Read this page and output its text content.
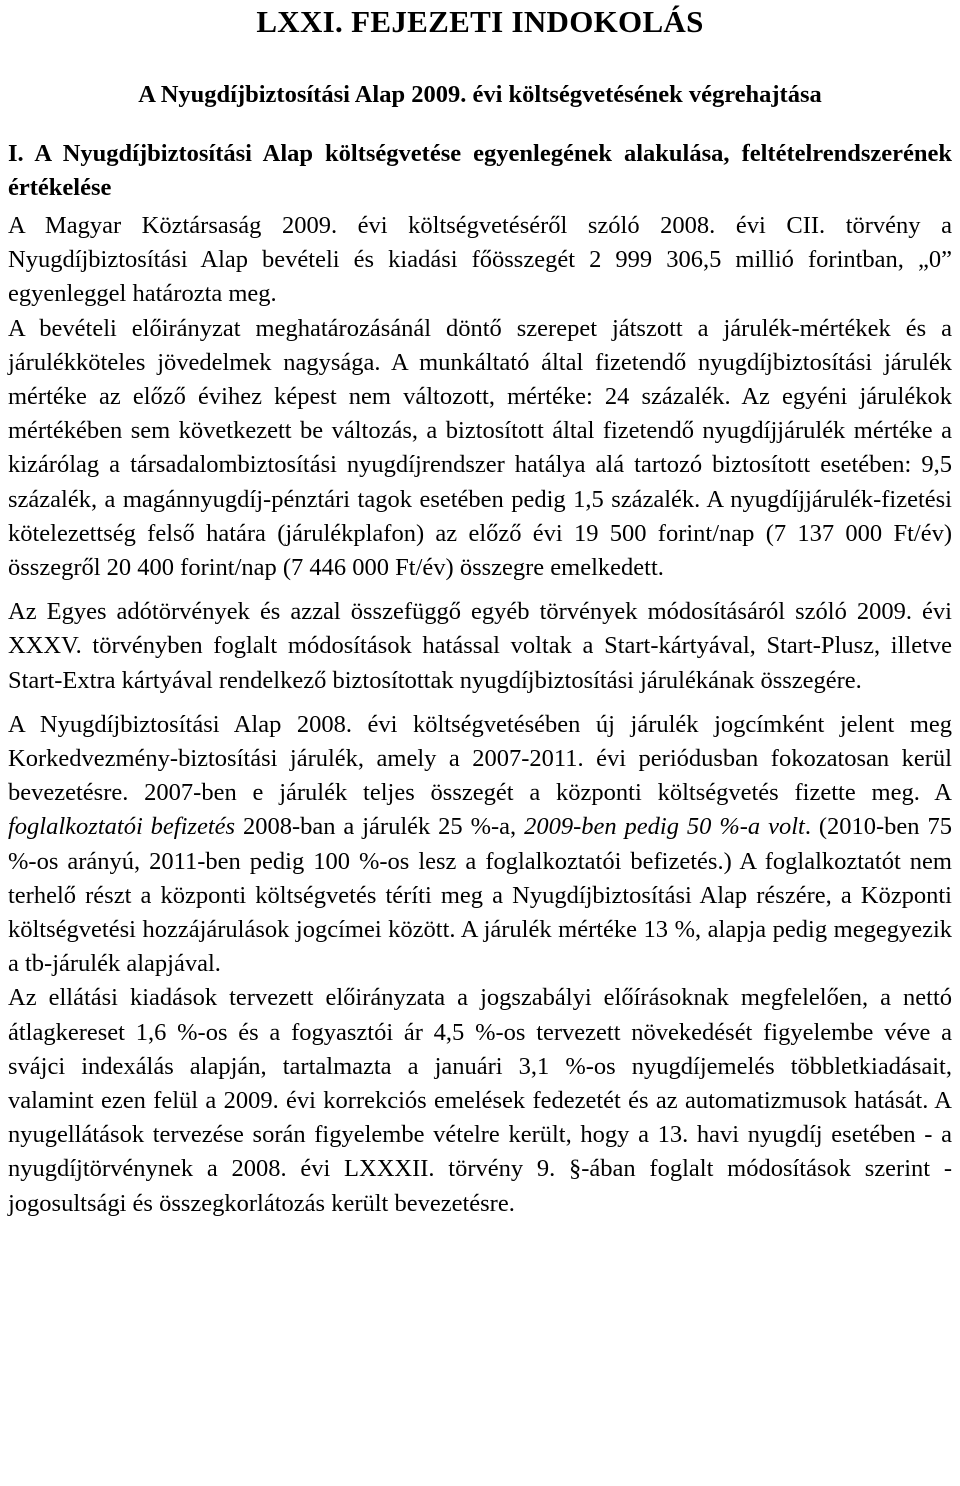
LXXI. FEJEZETI INDOKOLÁS
A Nyugdíjbiztosítási Alap 2009. évi költségvetésének végrehajtása
I. A Nyugdíjbiztosítási Alap költségvetése egyenlegének alakulása, feltételrendszerének értékelése

A Magyar Köztársaság 2009. évi költségvetéséről szóló 2008. évi CII. törvény a Nyugdíjbiztosítási Alap bevételi és kiadási főösszegét 2 999 306,5 millió forintban, „0” egyenleggel határozta meg.

A bevételi előirányzat meghatározásánál döntő szerepet játszott a járulék-mértékek és a járulékköteles jövedelmek nagysága. A munkáltató által fizetendő nyugdíjbiztosítási járulék mértéke az előző évihez képest nem változott, mértéke: 24 százalék. Az egyéni járulékok mértékében sem következett be változás, a biztosított által fizetendő nyugdíjjárulék mértéke a kizárólag a társadalombiztosítási nyugdíjrendszer hatálya alá tartozó biztosított esetében: 9,5 százalék, a magánnyugdíj-pénztári tagok esetében pedig 1,5 százalék. A nyugdíjjárulék-fizetési kötelezettség felső határa (járulékplafon) az előző évi 19 500 forint/nap (7 137 000 Ft/év) összegről 20 400 forint/nap (7 446 000 Ft/év) összegre emelkedett.

Az Egyes adótörvények és azzal összefüggő egyéb törvények módosításáról szóló 2009. évi XXXV. törvényben foglalt módosítások hatással voltak a Start-kártyával, Start-Plusz, illetve Start-Extra kártyával rendelkező biztosítottak nyugdíjbiztosítási járulékának összegére.

A Nyugdíjbiztosítási Alap 2008. évi költségvetésében új járulék jogcímként jelent meg Korkedvezmény-biztosítási járulék, amely a 2007-2011. évi periódusban fokozatosan kerül bevezetésre. 2007-ben e járulék teljes összegét a központi költségvetés fizette meg. A foglalkoztatói befizetés 2008-ban a járulék 25 %-a, 2009-ben pedig 50 %-a volt. (2010-ben 75 %-os arányú, 2011-ben pedig 100 %-os lesz a foglalkoztatói befizetés.) A foglalkoztatót nem terhelő részt a központi költségvetés téríti meg a Nyugdíjbiztosítási Alap részére, a Központi költségvetési hozzájárulások jogcímei között. A járulék mértéke 13 %, alapja pedig megegyezik a tb-járulék alapjával.

Az ellátási kiadások tervezett előirányzata a jogszabályi előírásoknak megfelelően, a nettó átlagkereset 1,6 %-os és a fogyasztói ár 4,5 %-os tervezett növekedését figyelembe véve a svájci indexálás alapján, tartalmazta a januári 3,1 %-os nyugdíjemelés többletkiadásait, valamint ezen felül a 2009. évi korrekciós emelések fedezetét és az automatizmusok hatását. A nyugellátások tervezése során figyelembe vételre került, hogy a 13. havi nyugdíj esetében - a nyugdíjtörvénynek a 2008. évi LXXXII. törvény 9. §-ában foglalt módosítások szerint - jogosultsági és összegkorlátozás került bevezetésre.
